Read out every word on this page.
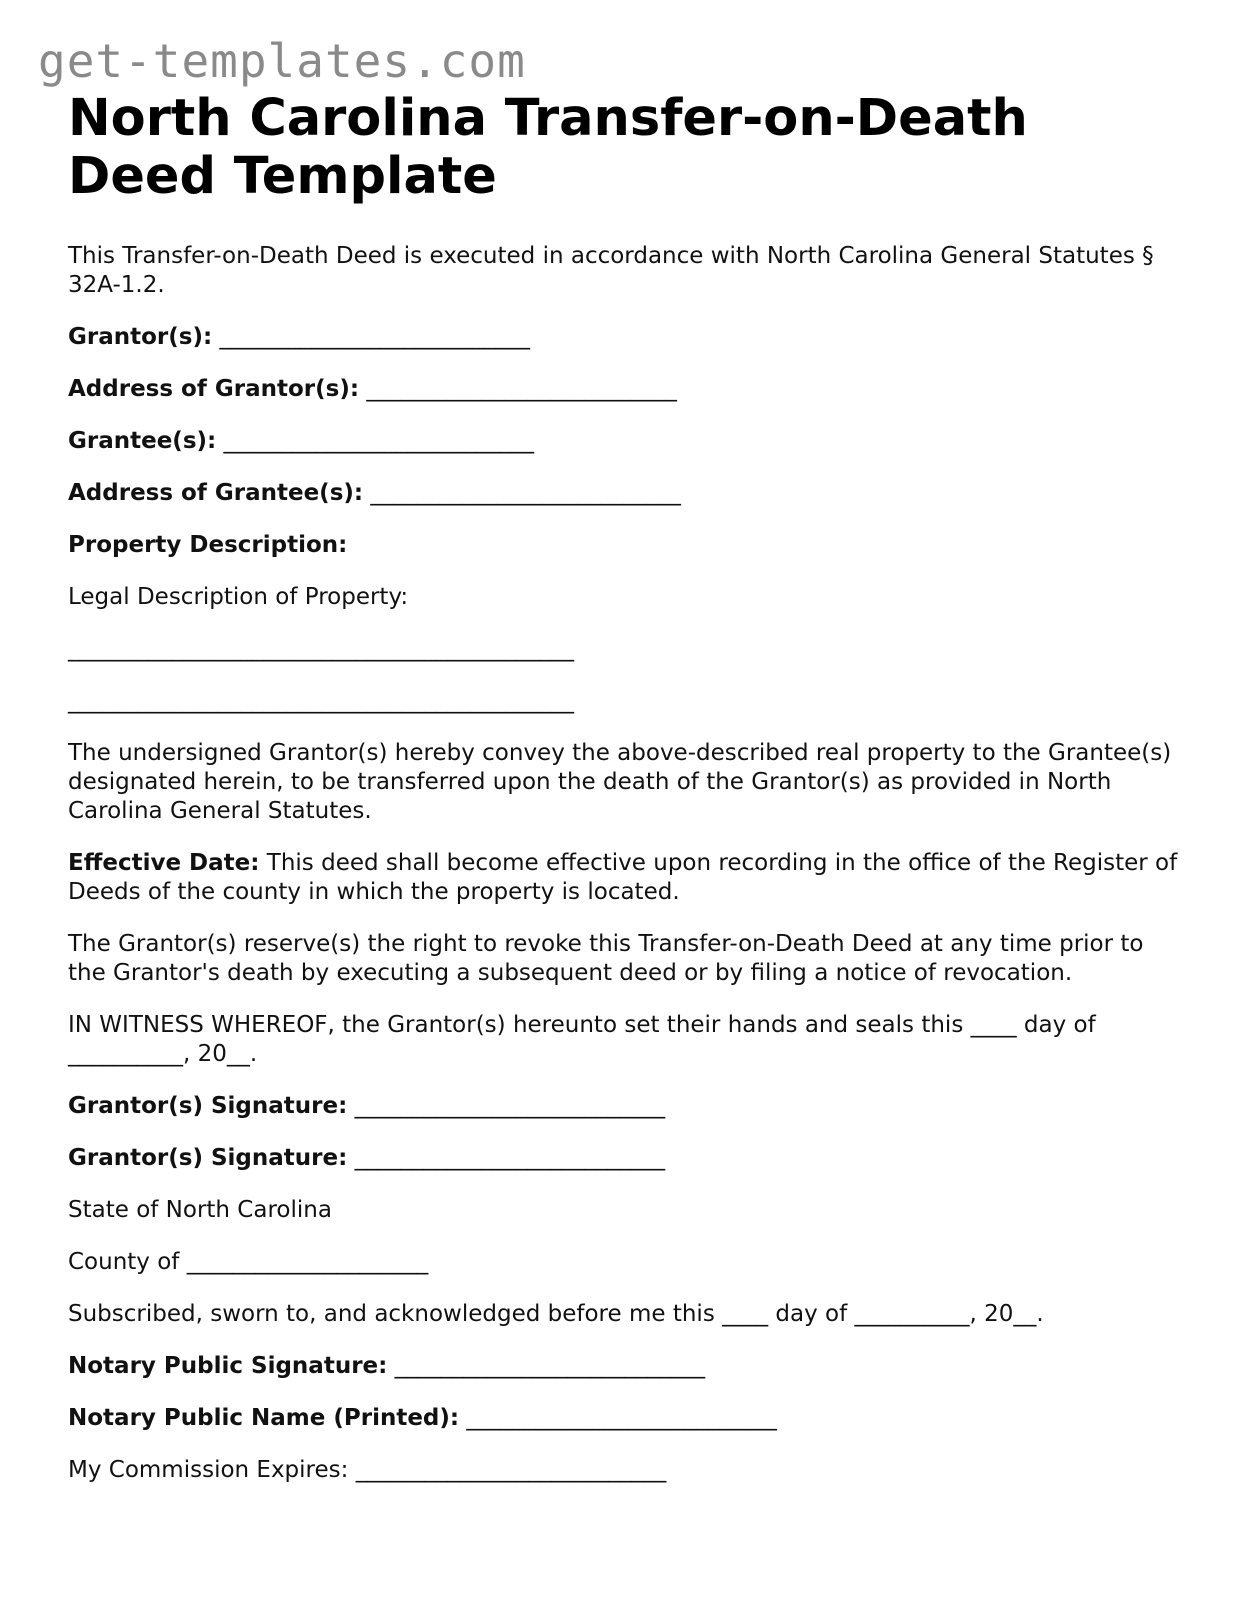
get-templates.com
North Carolina Transfer-on-Death Deed Template

This Transfer-on-Death Deed is executed in accordance with North Carolina General Statutes § 32A-1.2.

Grantor(s): ___________________________

Address of Grantor(s): ___________________________

Grantee(s): ___________________________

Address of Grantee(s): ___________________________

Property Description:

Legal Description of Property:

____________________________________________

____________________________________________

The undersigned Grantor(s) hereby convey the above-described real property to the Grantee(s) designated herein, to be transferred upon the death of the Grantor(s) as provided in North Carolina General Statutes.

Effective Date: This deed shall become effective upon recording in the office of the Register of Deeds of the county in which the property is located.

The Grantor(s) reserve(s) the right to revoke this Transfer-on-Death Deed at any time prior to the Grantor's death by executing a subsequent deed or by filing a notice of revocation.

IN WITNESS WHEREOF, the Grantor(s) hereunto set their hands and seals this ____ day of __________, 20__.

Grantor(s) Signature: ___________________________

Grantor(s) Signature: ___________________________

State of North Carolina

County of _____________________

Subscribed, sworn to, and acknowledged before me this ____ day of __________, 20__.

Notary Public Signature: ___________________________

Notary Public Name (Printed): ___________________________

My Commission Expires: ___________________________
